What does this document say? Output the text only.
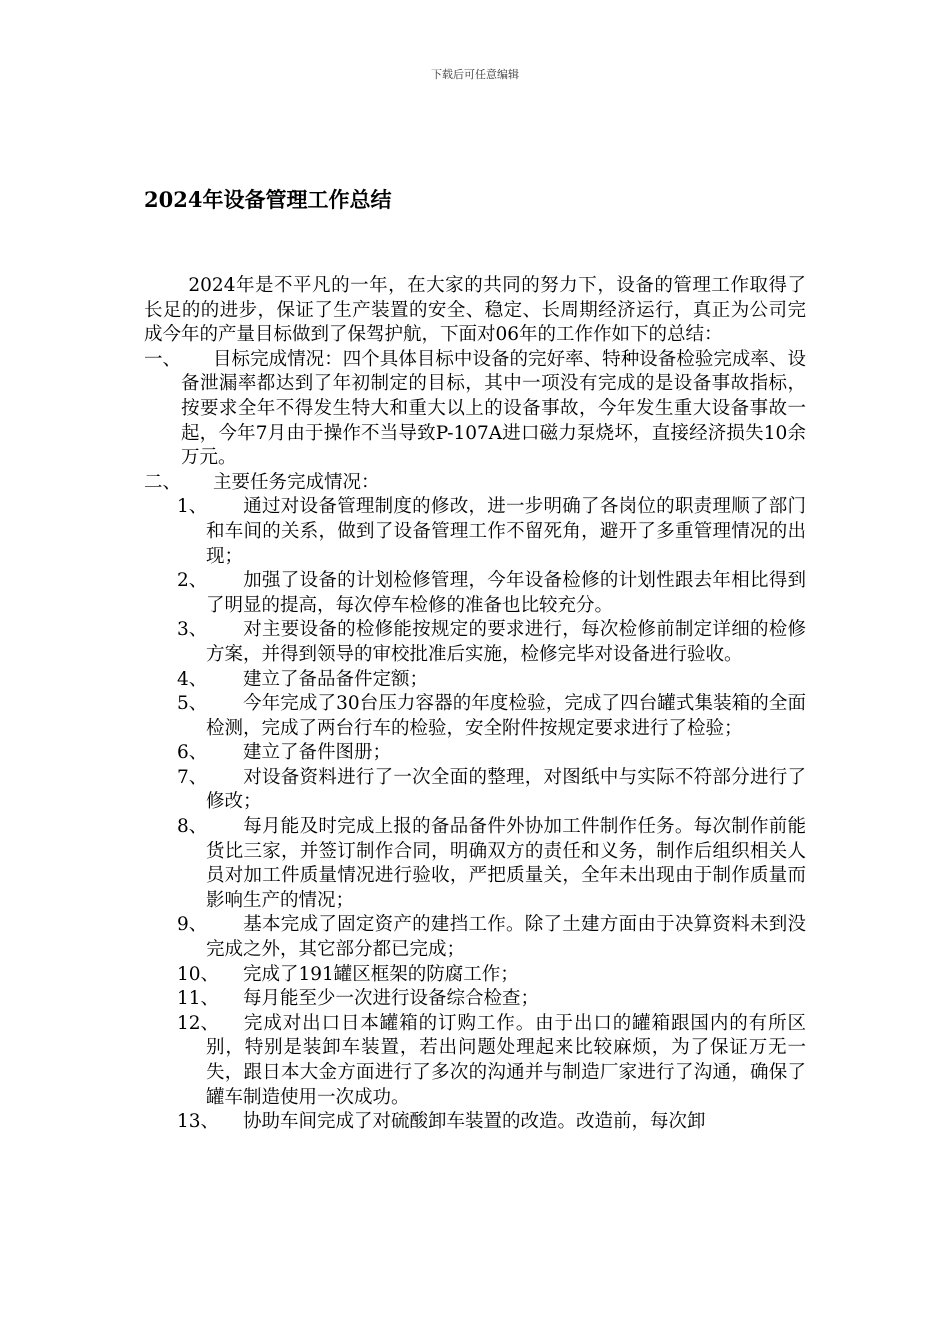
下载后可任意编辑
2024年设备管理工作总结

2024年是不平凡的一年，在大家的共同的努力下，设备的管理工作取得了长足的的进步，保证了生产装置的安全、稳定、长周期经济运行，真正为公司完成今年的产量目标做到了保驾护航，下面对06年的工作作如下的总结：

一、	目标完成情况：四个具体目标中设备的完好率、特种设备检验完成率、设备泄漏率都达到了年初制定的目标，其中一项没有完成的是设备事故指标，按要求全年不得发生特大和重大以上的设备事故，今年发生重大设备事故一起，今年7月由于操作不当导致P-107A进口磁力泵烧坏，直接经济损失10余万元。
二、	主要任务完成情况：
1、	通过对设备管理制度的修改，进一步明确了各岗位的职责理顺了部门和车间的关系，做到了设备管理工作不留死角，避开了多重管理情况的出现；
2、	加强了设备的计划检修管理，今年设备检修的计划性跟去年相比得到了明显的提高，每次停车检修的准备也比较充分。
3、	对主要设备的检修能按规定的要求进行，每次检修前制定详细的检修方案，并得到领导的审校批准后实施，检修完毕对设备进行验收。
4、	建立了备品备件定额；
5、	今年完成了30台压力容器的年度检验，完成了四台罐式集装箱的全面检测，完成了两台行车的检验，安全附件按规定要求进行了检验；
6、	建立了备件图册；
7、	对设备资料进行了一次全面的整理，对图纸中与实际不符部分进行了修改；
8、	每月能及时完成上报的备品备件外协加工件制作任务。每次制作前能货比三家，并签订制作合同，明确双方的责任和义务，制作后组织相关人员对加工件质量情况进行验收，严把质量关，全年未出现由于制作质量而影响生产的情况；
9、	基本完成了固定资产的建挡工作。除了土建方面由于决算资料未到没完成之外，其它部分都已完成；
10、	完成了191罐区框架的防腐工作；
11、	每月能至少一次进行设备综合检查；
12、	完成对出口日本罐箱的订购工作。由于出口的罐箱跟国内的有所区别，特别是装卸车装置，若出问题处理起来比较麻烦，为了保证万无一失，跟日本大金方面进行了多次的沟通并与制造厂家进行了沟通，确保了罐车制造使用一次成功。
13、	协助车间完成了对硫酸卸车装置的改造。改造前，每次卸
